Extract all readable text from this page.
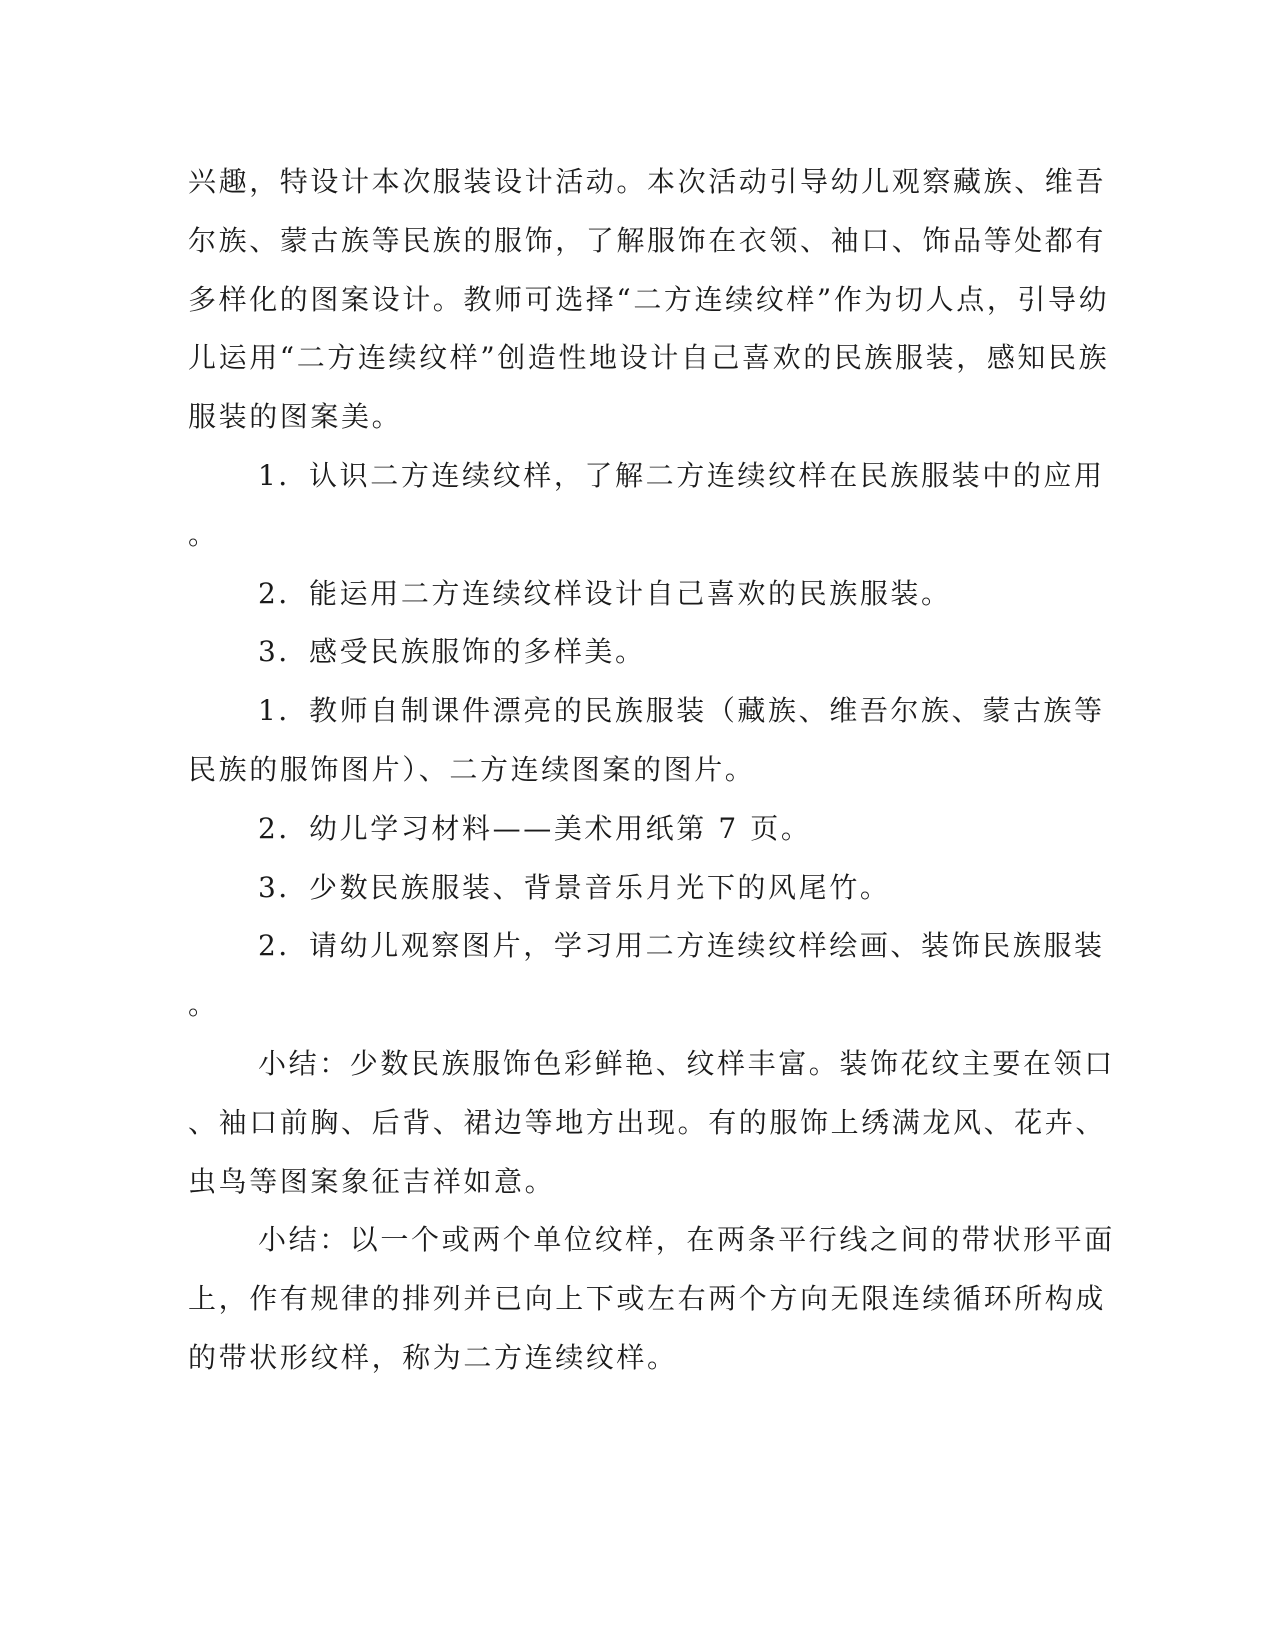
兴趣，特设计本次服装设计活动。本次活动引导幼儿观察藏族、维吾
尔族、蒙古族等民族的服饰，了解服饰在衣领、袖口、饰品等处都有
多样化的图案设计。教师可选择“二方连续纹样”作为切人点，引导幼
儿运用“二方连续纹样”创造性地设计自己喜欢的民族服装，感知民族
服装的图案美。
1．认识二方连续纹样，了解二方连续纹样在民族服装中的应用
。
2．能运用二方连续纹样设计自己喜欢的民族服装。
3．感受民族服饰的多样美。
1．教师自制课件漂亮的民族服装（藏族、维吾尔族、蒙古族等
民族的服饰图片）、二方连续图案的图片。
2．幼儿学习材料——美术用纸第 7 页。
3．少数民族服装、背景音乐月光下的风尾竹。
2．请幼儿观察图片，学习用二方连续纹样绘画、装饰民族服装
。
小结：少数民族服饰色彩鲜艳、纹样丰富。装饰花纹主要在领口
、袖口前胸、后背、裙边等地方出现。有的服饰上绣满龙风、花卉、
虫鸟等图案象征吉祥如意。
小结：以一个或两个单位纹样，在两条平行线之间的带状形平面
上，作有规律的排列并已向上下或左右两个方向无限连续循环所构成
的带状形纹样，称为二方连续纹样。
